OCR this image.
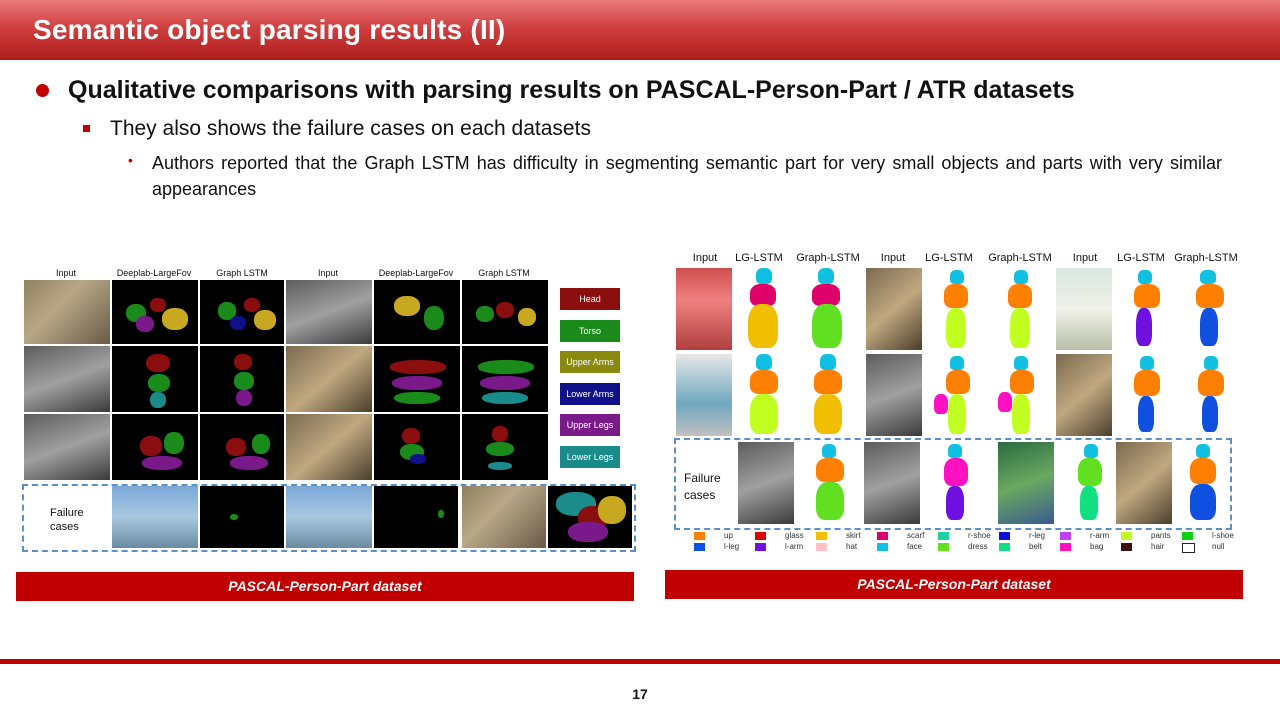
Semantic object parsing results (II)
Qualitative comparisons with parsing results on PASCAL-Person-Part / ATR datasets
They also shows the failure cases on each datasets
• Authors reported that the Graph LSTM has difficulty in segmenting semantic part for very small objects and parts with very similar appearances
Input	Deeplab-LargeFov	Graph LSTM	Input	Deeplab-LargeFov	Graph LSTM
Head
Torso
Upper Arms
Lower Arms
Upper Legs
Lower Legs
Failure
cases
PASCAL-Person-Part dataset
Input	LG-LSTM	Graph-LSTM	Input	LG-LSTM	Graph-LSTM	Input	LG-LSTM Graph-LSTM
Failure
cases
up	glass	skirt	scarf	r-shoe	r-leg	r-arm	pants	l-shoe
l-leg	l-arm	hat	face	dress	belt	bag	hair	null
PASCAL-Person-Part dataset
17
